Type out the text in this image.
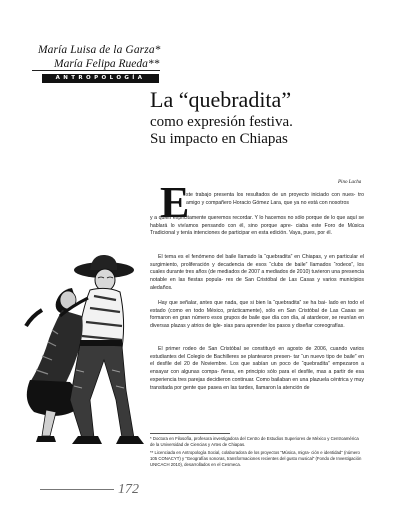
María Luisa de la Garza*
María Felipa Rueda**
ANTROPOLOGÍA
La “quebradita”
como expresión festiva.
Su impacto en Chiapas
Pino Lacha
E

ste trabajo presenta los resultados de un proyecto iniciado con nues- tro amigo y compañero Horacio Gómez Lara, que ya no está con nosotros

y a quien explícitamente queremos recordar. Y lo hacemos no sólo porque de lo que aquí se hablará lo vivíamos pensando con él, sino porque apre- ciaba este Foro de Música Tradicional y tenía intenciones de participar en esta edición. Vaya, pues, por él.

El tema es el fenómeno del baile llamado la “quebradita” en Chiapas, y en particular el surgimiento, proliferación y decadencia de esos “clubs de baile” llamados “rodeos”, los cuales durante tres años (de mediados de 2007 a mediados de 2010) tuvieron una presencia notable en las fiestas popula- res de San Cristóbal de Las Casas y varios municipios aledaños.

Hay que señalar, antes que nada, que si bien la “quebradita” se ha bai- lado en todo el estado (como en todo México, prácticamente), sólo en San Cristóbal de Las Casas se formaron en gran número esos grupos de baile que día con día, al atardecer, se reunían en diversas plazas y atrios de igle- sias para aprender los pasos y diseñar coreografías.

El primer rodeo de San Cristóbal se constituyó en agosto de 2006, cuando varios estudiantes del Colegio de Bachilleres se plantearon presen- tar “un nuevo tipo de baile” en el desfile del 20 de Noviembre. Los que sabían un poco de “quebradita” empezaron a ensayar con algunas compa- ñeras, en principio sólo para el desfile, mas a partir de esa experiencia tres parejas decidieron continuar. Como bailaban en una plazuela céntrica y muy transitada por gente que pasea en las tardes, llamaron la atención de

* Doctora en Filosofía, profesora investigadora del Centro de Estudios Superiores de México y Centroamérica de la Universidad de Ciencias y Artes de Chiapas.

** Licenciada en Antropología Social, colaboradora de los proyectos “Música, migra- ción e identidad” (número 105 CONACYT) y “Geografías sonoras, transformaciones recientes del gusto musical” (Fondo de Investigación UNICACH 2010), desarrollados en el Cesmeca.

172
